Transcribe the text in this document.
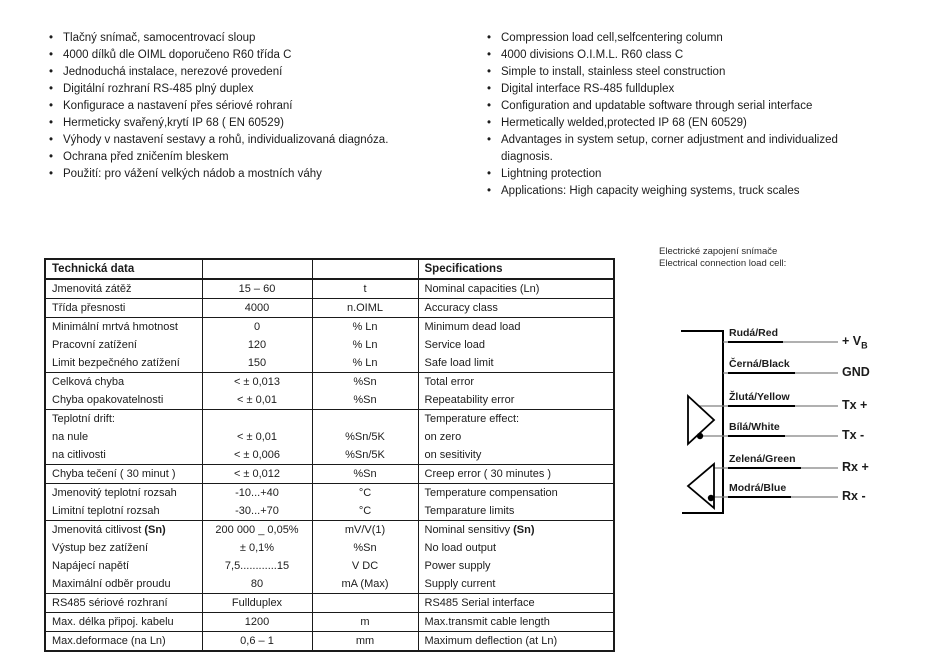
• Tlačný snímač, samocentrovací sloup
• 4000 dílků dle OIML doporučeno R60 třída C
• Jednoduchá instalace, nerezové provedení
• Digitální rozhraní RS-485 plný duplex
• Konfigurace a nastavení přes sériové rohraní
• Hermeticky svařený,krytí IP 68 ( EN 60529)
• Výhody v nastavení sestavy a rohů, individualizovaná diagnóza.
• Ochrana před zničením bleskem
• Použití: pro vážení velkých nádob a mostních váhy
• Compression load cell,selfcentering column
• 4000 divisions O.I.M.L. R60 class C
• Simple to install, stainless steel construction
• Digital interface RS-485 fullduplex
• Configuration and updatable software through serial interface
• Hermetically welded,protected IP 68 (EN 60529)
• Advantages in system setup, corner adjustment and individualized diagnosis.
• Lightning protection
• Applications: High capacity weighing systems, truck scales
Technická data			Specifications
Jmenovitá zátěž	15 – 60	t	Nominal capacities (Ln)
Třída přesnosti	4000	n.OIML	Accuracy class
Minimální mrtvá hmotnost	0	% Ln	Minimum dead load
Pracovní zatížení	120	% Ln	Service load
Limit bezpečného zatížení	150	% Ln	Safe load limit
Celková chyba	< ± 0,013	%Sn	Total error
Chyba opakovatelnosti	< ± 0,01	%Sn	Repeatability error
Teplotní drift:			Temperature effect:
na nule	< ± 0,01	%Sn/5K	on zero
na citlivosti	< ± 0,006	%Sn/5K	on sesitivity
Chyba tečení ( 30 minut )	< ± 0,012	%Sn	Creep error ( 30 minutes )
Jmenovitý teplotní rozsah	-10...+40	°C	Temperature compensation
Limitní teplotní rozsah	-30...+70	°C	Temparature limits
Jmenovitá citlivost (Sn)	200 000 _ 0,05%	mV/V(1)	Nominal sensitivy (Sn)
Výstup bez zatížení	± 0,1%	%Sn	No load output
Napájecí napětí	7,5............15	V DC	Power supply
Maximální odběr proudu	80	mA (Max)	Supply current
RS485 sériové rozhraní	Fullduplex		RS485 Serial interface
Max. délka připoj. kabelu	1200	m	Max.transmit cable length
Max.deformace (na Ln)	0,6 – 1	mm	Maximum deflection (at Ln)
Electrické zapojení snímače
Electrical connection load cell:
Rudá/Red
+ $V_B$
Černá/Black
GND
Žlutá/Yellow
Tx +
Bílá/White
Tx -
Zelená/Green
Rx +
Modrá/Blue
Rx -
